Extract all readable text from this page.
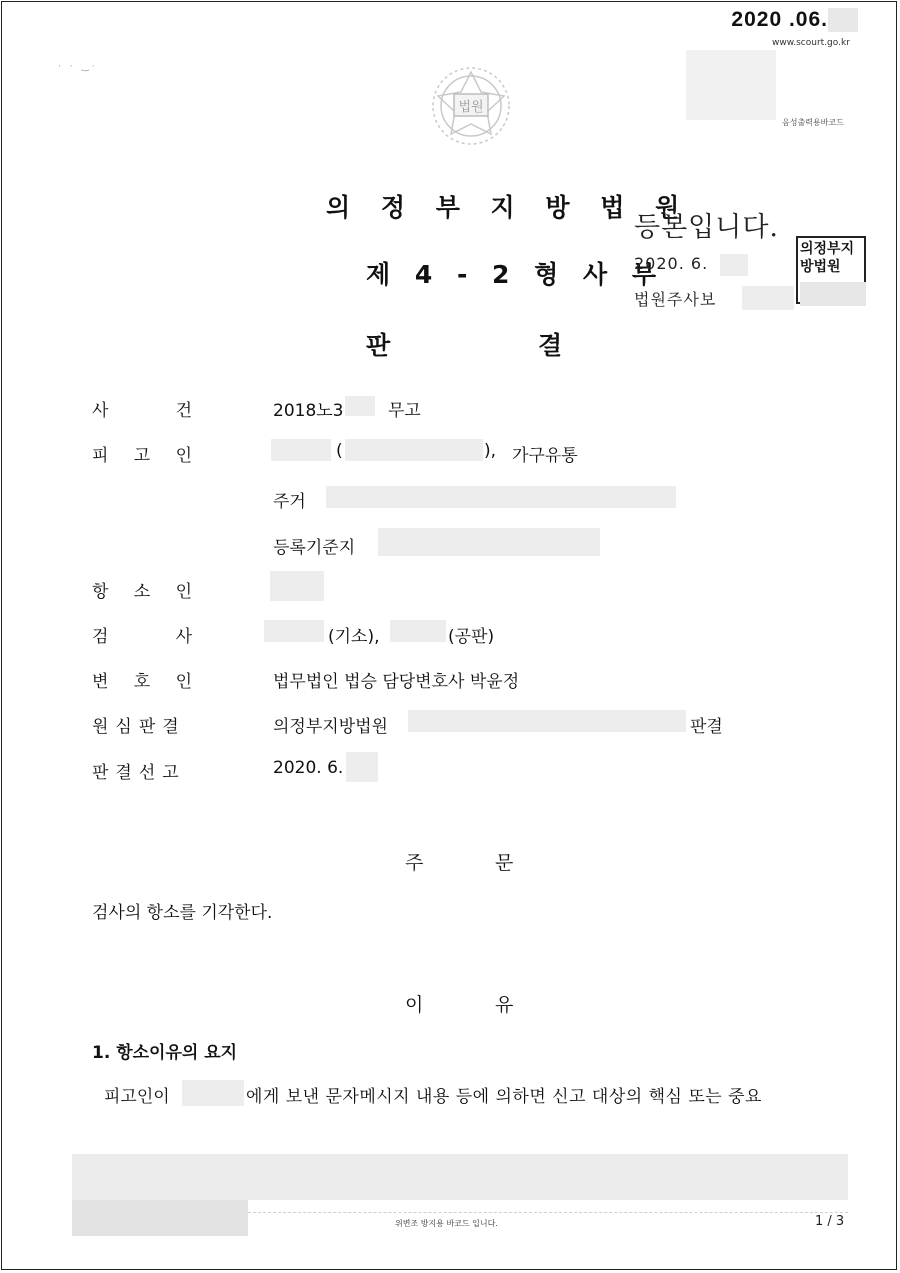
2020 .06.
www.scourt.go.kr
음성출력용바코드
· · ‿·
법원
의 정 부 지 방 법 원
제 4 - 2 형 사 부
판	결
등본입니다.
2020. 6.
법원주사보
의정부지방법원
사	건	2018노3	무고
피 고 인	(	), 가구유통
주거
등록기준지
항 소 인
검	사	(기소),	(공판)
변 호 인	법무법인 법승 담당변호사 박윤정
원심판결	의정부지방법원	판결
판결선고	2020. 6.
주	문
검사의 항소를 기각한다.
이	유
1. 항소이유의 요지
피고인이	에게 보낸 문자메시지 내용 등에 의하면 신고 대상의 핵심 또는 중요
위변조 방지용 바코드 입니다.	1 / 3
